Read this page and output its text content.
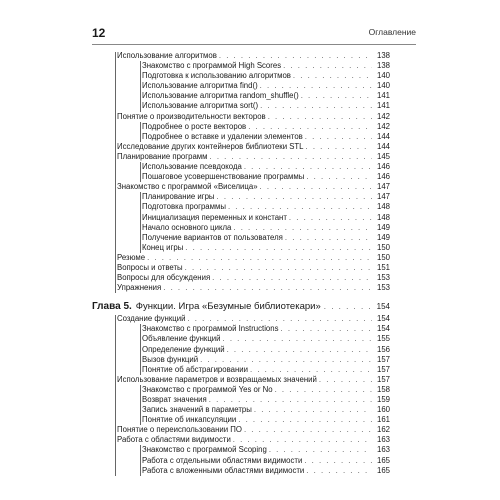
12	Оглавление
Использование алгоритмов . . .	138
Знакомство с программой High Scores . . .	138
Подготовка к использованию алгоритмов . . .	140
Использование алгоритма find() . . .	140
Использование алгоритма random_shuffle() . . .	141
Использование алгоритма sort() . . .	141
Понятие о производительности векторов . . .	142
Подробнее о росте векторов . . .	142
Подробнее о вставке и удалении элементов . . .	144
Исследование других контейнеров библиотеки STL . . .	144
Планирование программ . . .	145
Использование псевдокода . . .	146
Пошаговое усовершенствование программы . . .	146
Знакомство с программой «Виселица» . . .	147
Планирование игры . . .	147
Подготовка программы . . .	148
Инициализация переменных и констант . . .	148
Начало основного цикла . . .	149
Получение вариантов от пользователя . . .	149
Конец игры . . .	150
Резюме . . .	150
Вопросы и ответы . . .	151
Вопросы для обсуждения . . .	153
Упражнения . . .	153
Глава 5. Функции. Игра «Безумные библиотекари» . . .	154
Создание функций . . .	154
Знакомство с программой Instructions . . .	154
Объявление функций . . .	155
Определение функций . . .	156
Вызов функций . . .	157
Понятие об абстрагировании . . .	157
Использование параметров и возвращаемых значений . . .	157
Знакомство с программой Yes or No . . .	158
Возврат значения . . .	159
Запись значений в параметры . . .	160
Понятие об инкапсуляции . . .	161
Понятие о переиспользовании ПО . . .	162
Работа с областями видимости . . .	163
Знакомство с программой Scoping . . .	163
Работа с отдельными областями видимости . . .	165
Работа с вложенными областями видимости . . .	165
